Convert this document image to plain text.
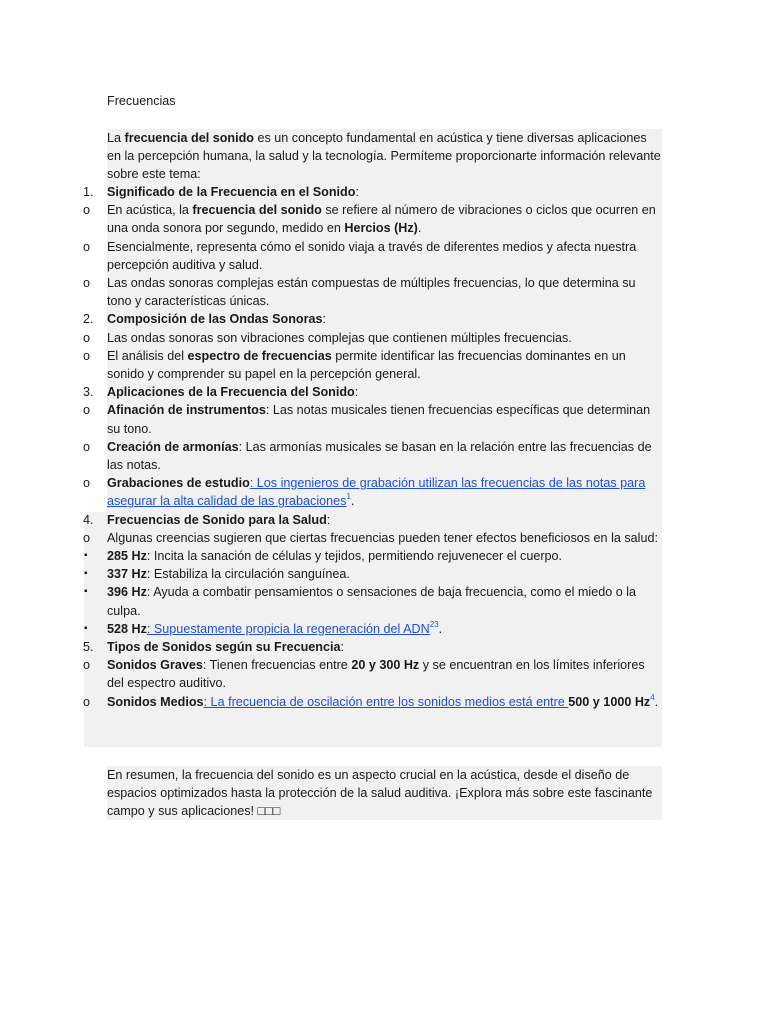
Frecuencias
La frecuencia del sonido es un concepto fundamental en acústica y tiene diversas aplicaciones en la percepción humana, la salud y la tecnología. Permíteme proporcionarte información relevante sobre este tema:
1.	Significado de la Frecuencia en el Sonido:
o	En acústica, la frecuencia del sonido se refiere al número de vibraciones o ciclos que ocurren en una onda sonora por segundo, medido en Hercios (Hz).
o	Esencialmente, representa cómo el sonido viaja a través de diferentes medios y afecta nuestra percepción auditiva y salud.
o	Las ondas sonoras complejas están compuestas de múltiples frecuencias, lo que determina su tono y características únicas.
2.	Composición de las Ondas Sonoras:
o	Las ondas sonoras son vibraciones complejas que contienen múltiples frecuencias.
o	El análisis del espectro de frecuencias permite identificar las frecuencias dominantes en un sonido y comprender su papel en la percepción general.
3.	Aplicaciones de la Frecuencia del Sonido:
o	Afinación de instrumentos: Las notas musicales tienen frecuencias específicas que determinan su tono.
o	Creación de armonías: Las armonías musicales se basan en la relación entre las frecuencias de las notas.
o	Grabaciones de estudio: Los ingenieros de grabación utilizan las frecuencias de las notas para asegurar la alta calidad de las grabaciones$^1$.
4.	Frecuencias de Sonido para la Salud:
o	Algunas creencias sugieren que ciertas frecuencias pueden tener efectos beneficiosos en la salud:
▪	285 Hz: Incita la sanación de células y tejidos, permitiendo rejuvenecer el cuerpo.
▪	337 Hz: Estabiliza la circulación sanguínea.
▪	396 Hz: Ayuda a combatir pensamientos o sensaciones de baja frecuencia, como el miedo o la culpa.
▪	528 Hz: Supuestamente propicia la regeneración del ADN$^{23}$.
5.	Tipos de Sonidos según su Frecuencia:
o	Sonidos Graves: Tienen frecuencias entre 20 y 300 Hz y se encuentran en los límites inferiores del espectro auditivo.
o	Sonidos Medios: La frecuencia de oscilación entre los sonidos medios está entre 500 y 1000 Hz$^4$.
En resumen, la frecuencia del sonido es un aspecto crucial en la acústica, desde el diseño de espacios optimizados hasta la protección de la salud auditiva. ¡Explora más sobre este fascinante campo y sus aplicaciones! □□□
